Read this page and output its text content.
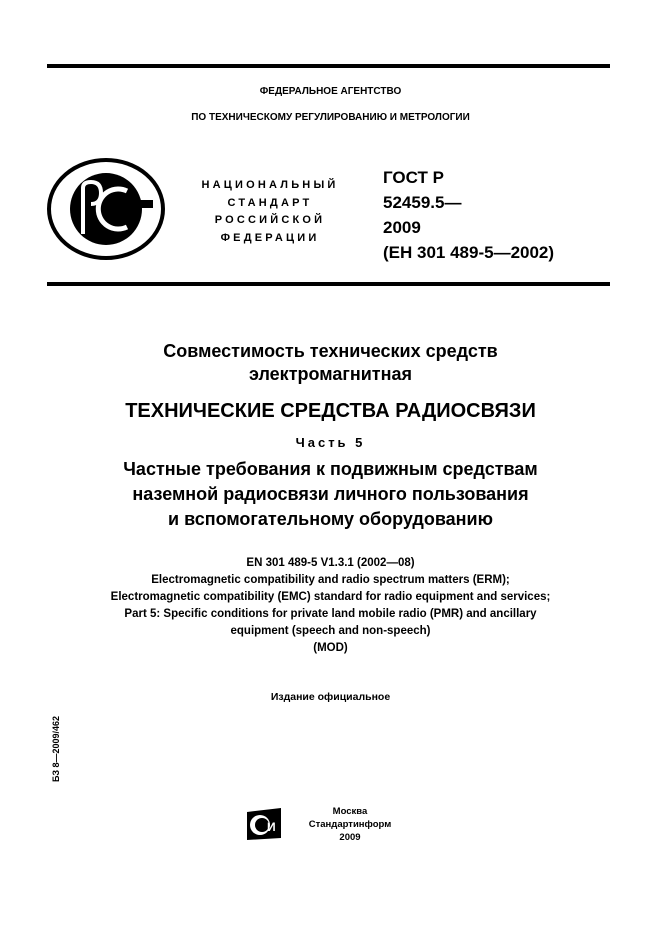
ФЕДЕРАЛЬНОЕ АГЕНТСТВО
ПО ТЕХНИЧЕСКОМУ РЕГУЛИРОВАНИЮ И МЕТРОЛОГИИ
НАЦИОНАЛЬНЫЙ
СТАНДАРТ
РОССИЙСКОЙ
ФЕДЕРАЦИИ
ГОСТ Р
52459.5—
2009
(ЕН 301 489-5—2002)
Совместимость технических средств
электромагнитная
ТЕХНИЧЕСКИЕ СРЕДСТВА РАДИОСВЯЗИ
Часть 5
Частные требования к подвижным средствам
наземной радиосвязи личного пользования
и вспомогательному оборудованию
EN 301 489-5 V1.3.1 (2002—08)
Electromagnetic compatibility and radio spectrum matters (ERM);
Electromagnetic compatibility (EMC) standard for radio equipment and services;
Part 5: Specific conditions for private land mobile radio (PMR) and ancillary
equipment (speech and non-speech)
(MOD)
Издание официальное
БЗ 8—2009/462
И
Москва
Стандартинформ
2009
